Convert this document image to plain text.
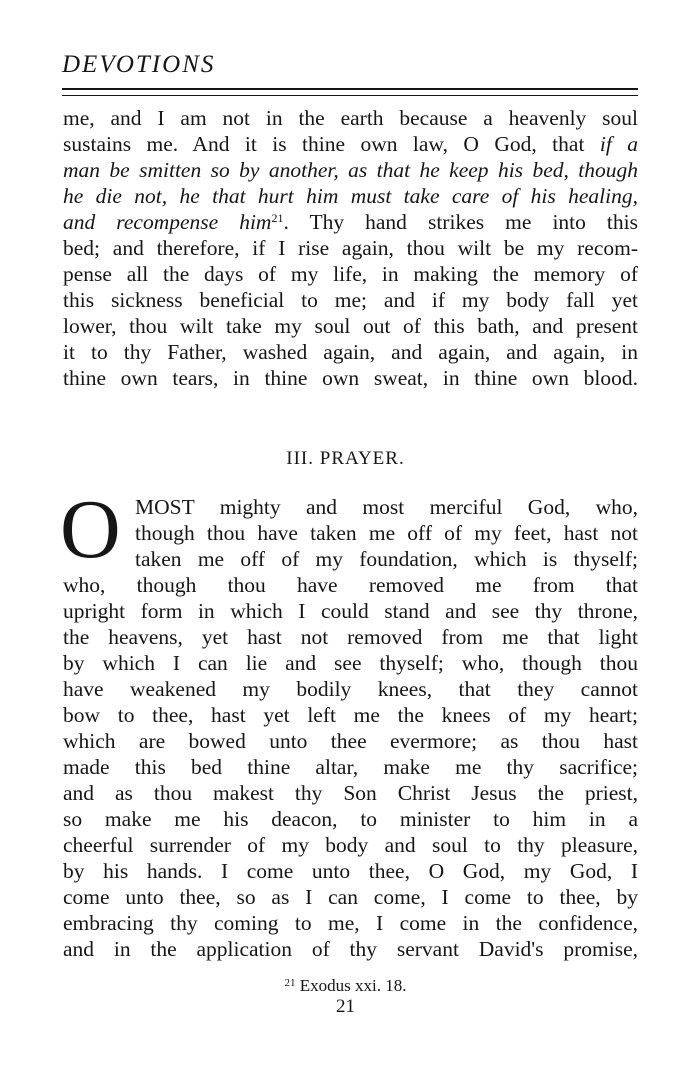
DEVOTIONS
me, and I am not in the earth because a heavenly soul
sustains me. And it is thine own law, O God, that if a
man be smitten so by another, as that he keep his bed, though
he die not, he that hurt him must take care of his healing,
and recompense him$^{21}$. Thy hand strikes me into this
bed; and therefore, if I rise again, thou wilt be my recom-
pense all the days of my life, in making the memory of
this sickness beneficial to me; and if my body fall yet
lower, thou wilt take my soul out of this bath, and present
it to thy Father, washed again, and again, and again, in
thine own tears, in thine own sweat, in thine own blood.
III. PRAYER.
O MOST mighty and most merciful God, who,
though thou have taken me off of my feet, hast not
taken me off of my foundation, which is thyself;
who, though thou have removed me from that
upright form in which I could stand and see thy throne,
the heavens, yet hast not removed from me that light
by which I can lie and see thyself; who, though thou
have weakened my bodily knees, that they cannot
bow to thee, hast yet left me the knees of my heart;
which are bowed unto thee evermore; as thou hast
made this bed thine altar, make me thy sacrifice;
and as thou makest thy Son Christ Jesus the priest,
so make me his deacon, to minister to him in a
cheerful surrender of my body and soul to thy pleasure,
by his hands. I come unto thee, O God, my God, I
come unto thee, so as I can come, I come to thee, by
embracing thy coming to me, I come in the confidence,
and in the application of thy servant David's promise,
$^{21}$ Exodus xxi. 18.
21
